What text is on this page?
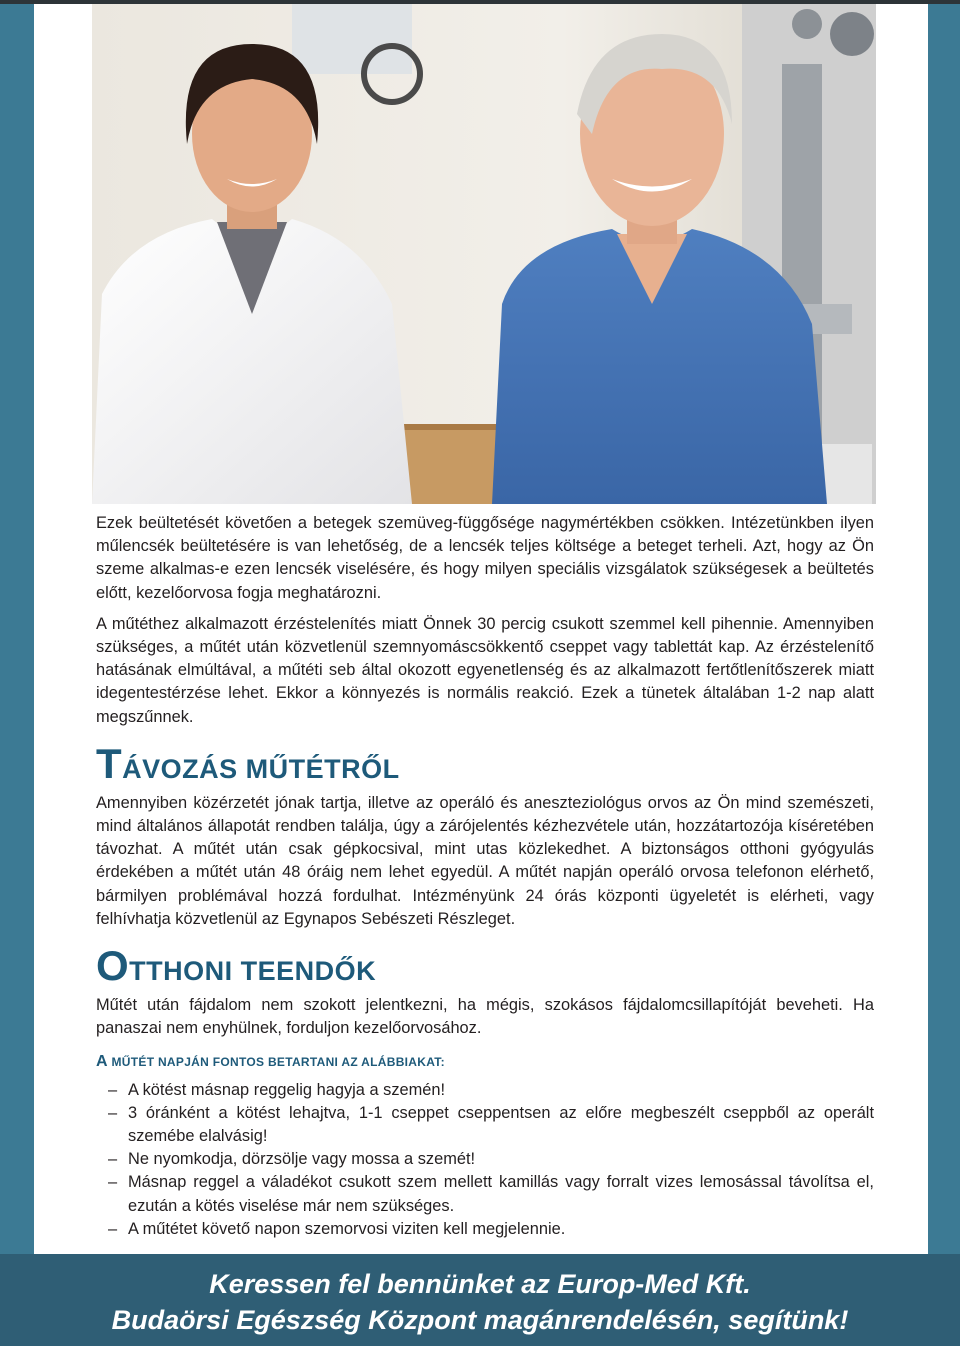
Ezek beültetését követően a betegek szemüveg-függősége nagymértékben csökken. Intézetünkben ilyen műlencsék beültetésére is van lehetőség, de a lencsék teljes költsége a beteget terheli. Azt, hogy az Ön szeme alkalmas-e ezen lencsék viselésére, és hogy milyen speciális vizsgálatok szükségesek a beültetés előtt, kezelőorvosa fogja meghatározni.

A műtéthez alkalmazott érzéstelenítés miatt Önnek 30 percig csukott szemmel kell pihennie. Amennyiben szükséges, a műtét után közvetlenül szemnyomáscsökkentő cseppet vagy tablettát kap. Az érzéstelenítő hatásának elmúltával, a műtéti seb által okozott egyenetlenség és az alkalmazott fertőtlenítőszerek miatt idegentestérzése lehet. Ekkor a könnyezés is normális reakció. Ezek a tünetek általában 1-2 nap alatt megszűnnek.

TÁVOZÁS MŰTÉTRŐL

Amennyiben közérzetét jónak tartja, illetve az operáló és aneszteziológus orvos az Ön mind szemészeti, mind általános állapotát rendben találja, úgy a zárójelentés kézhezvétele után, hozzátartozója kíséretében távozhat. A műtét után csak gépkocsival, mint utas közlekedhet. A biztonságos otthoni gyógyulás érdekében a műtét után 48 óráig nem lehet egyedül. A műtét napján operáló orvosa telefonon elérhető, bármilyen problémával hozzá fordulhat. Intézményünk 24 órás központi ügyeletét is elérheti, vagy felhívhatja közvetlenül az Egynapos Sebészeti Részleget.

OTTHONI TEENDŐK

Műtét után fájdalom nem szokott jelentkezni, ha mégis, szokásos fájdalomcsillapítóját beveheti. Ha panaszai nem enyhülnek, forduljon kezelőorvosához.

A MŰTÉT NAPJÁN FONTOS BETARTANI AZ ALÁBBIAKAT:
– A kötést másnap reggelig hagyja a szemén!
– 3 óránként a kötést lehajtva, 1-1 cseppet cseppentsen az előre megbeszélt cseppből az operált szemébe elalvásig!
– Ne nyomkodja, dörzsölje vagy mossa a szemét!
– Másnap reggel a váladékot csukott szem mellett kamillás vagy forralt vizes lemosással távolítsa el, ezután a kötés viselése már nem szükséges.
– A műtétet követő napon szemorvosi viziten kell megjelennie.
Keressen fel bennünket az Europ-Med Kft.
Budaörsi Egészség Központ magánrendelésén, segítünk!
